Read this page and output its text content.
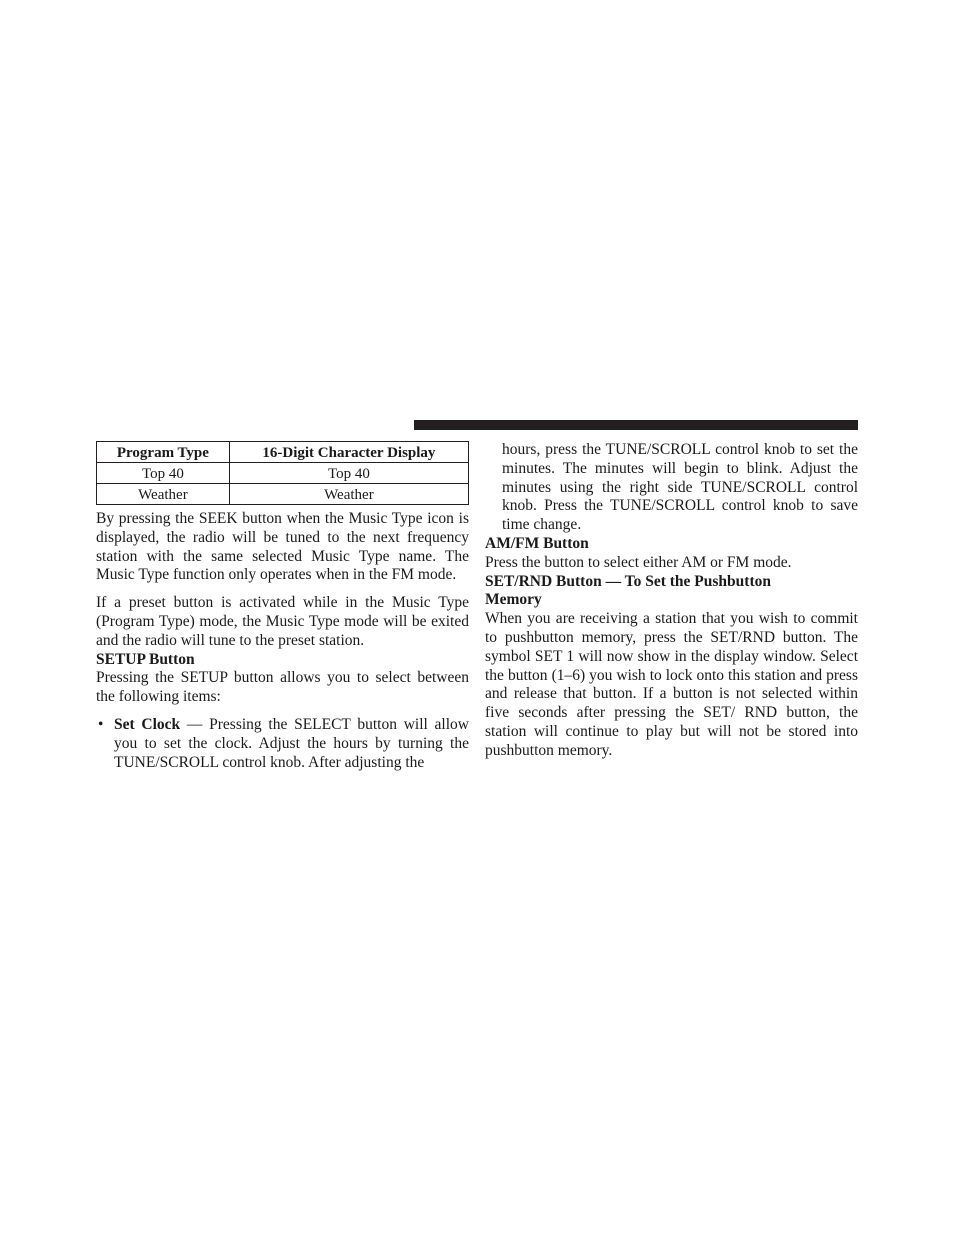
Program Type	16-Digit Character Display
Top 40	Top 40
Weather	Weather

By pressing the SEEK button when the Music Type icon is displayed, the radio will be tuned to the next frequency station with the same selected Music Type name. The Music Type function only operates when in the FM mode.

If a preset button is activated while in the Music Type (Program Type) mode, the Music Type mode will be exited and the radio will tune to the preset station.

SETUP Button

Pressing the SETUP button allows you to select between the following items:

• Set Clock — Pressing the SELECT button will allow you to set the clock. Adjust the hours by turning the TUNE/SCROLL control knob. After adjusting the

hours, press the TUNE/SCROLL control knob to set the minutes. The minutes will begin to blink. Adjust the minutes using the right side TUNE/SCROLL control knob. Press the TUNE/SCROLL control knob to save time change.

AM/FM Button

Press the button to select either AM or FM mode.

SET/RND Button — To Set the Pushbutton
Memory

When you are receiving a station that you wish to commit to pushbutton memory, press the SET/RND button. The symbol SET 1 will now show in the display window. Select the button (1–6) you wish to lock onto this station and press and release that button. If a button is not selected within five seconds after pressing the SET/ RND button, the station will continue to play but will not be stored into pushbutton memory.
